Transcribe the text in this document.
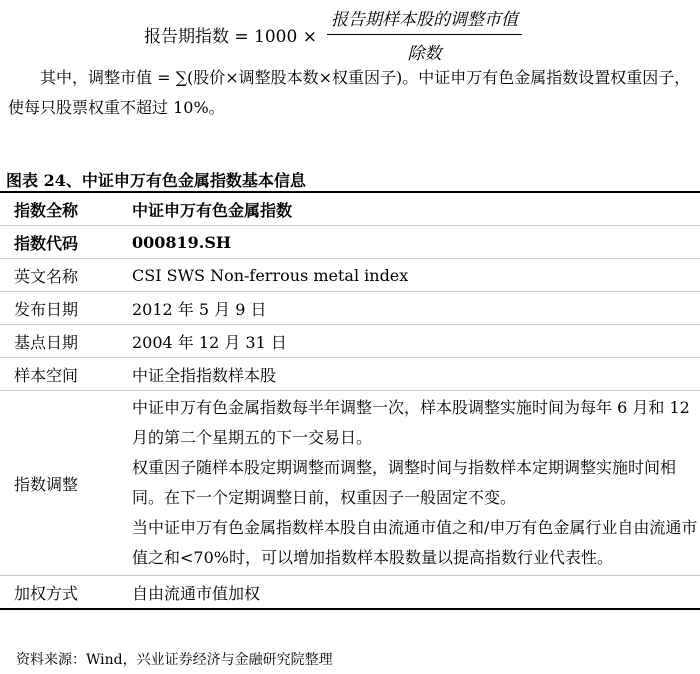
报告期指数 = $1000 \times \frac{\text{报告期样本股的调整市值}}{\text{除数}}$

其中，调整市值 = ∑(股价×调整股本数×权重因子)。中证申万有色金属指数设置权重因子，使每只股票权重不超过 10%。

图表 24、中证申万有色金属指数基本信息
指数全称	中证申万有色金属指数
指数代码	000819.SH
英文名称	CSI SWS Non-ferrous metal index
发布日期	2012 年 5 月 9 日
基点日期	2004 年 12 月 31 日
样本空间	中证全指指数样本股
指数调整	中证申万有色金属指数每半年调整一次，样本股调整实施时间为每年 6 月和 12 月的第二个星期五的下一交易日。
权重因子随样本股定期调整而调整，调整时间与指数样本定期调整实施时间相同。在下一个定期调整日前，权重因子一般固定不变。
当中证申万有色金属指数样本股自由流通市值之和/申万有色金属行业自由流通市值之和<70%时，可以增加指数样本股数量以提高指数行业代表性。

加权方式	自由流通市值加权
资料来源：Wind，兴业证券经济与金融研究院整理
